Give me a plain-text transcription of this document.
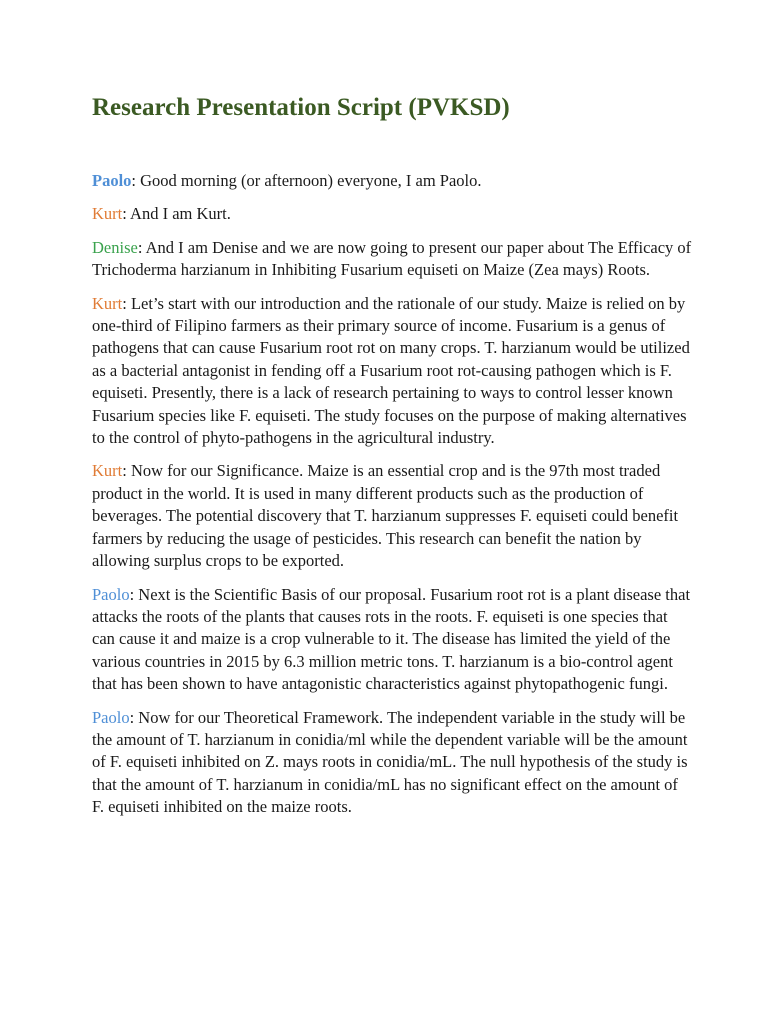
Research Presentation Script (PVKSD)

Paolo: Good morning (or afternoon) everyone, I am Paolo.

Kurt: And I am Kurt.

Denise: And I am Denise and we are now going to present our paper about The Efficacy of Trichoderma harzianum in Inhibiting Fusarium equiseti on Maize (Zea mays) Roots.

Kurt: Let’s start with our introduction and the rationale of our study. Maize is relied on by one-third of Filipino farmers as their primary source of income. Fusarium is a genus of pathogens that can cause Fusarium root rot on many crops. T. harzianum would be utilized as a bacterial antagonist in fending off a Fusarium root rot-causing pathogen which is F. equiseti. Presently, there is a lack of research pertaining to ways to control lesser known Fusarium species like F. equiseti. The study focuses on the purpose of making alternatives to the control of phyto-pathogens in the agricultural industry.

Kurt: Now for our Significance. Maize is an essential crop and is the 97th most traded product in the world. It is used in many different products such as the production of beverages. The potential discovery that T. harzianum suppresses F. equiseti could benefit farmers by reducing the usage of pesticides. This research can benefit the nation by allowing surplus crops to be exported.

Paolo: Next is the Scientific Basis of our proposal. Fusarium root rot is a plant disease that attacks the roots of the plants that causes rots in the roots. F. equiseti is one species that can cause it and maize is a crop vulnerable to it. The disease has limited the yield of the various countries in 2015 by 6.3 million metric tons. T. harzianum is a bio-control agent that has been shown to have antagonistic characteristics against phytopathogenic fungi.

Paolo: Now for our Theoretical Framework. The independent variable in the study will be the amount of T. harzianum in conidia/ml while the dependent variable will be the amount of F. equiseti inhibited on Z. mays roots in conidia/mL. The null hypothesis of the study is that the amount of T. harzianum in conidia/mL has no significant effect on the amount of F. equiseti inhibited on the maize roots.
